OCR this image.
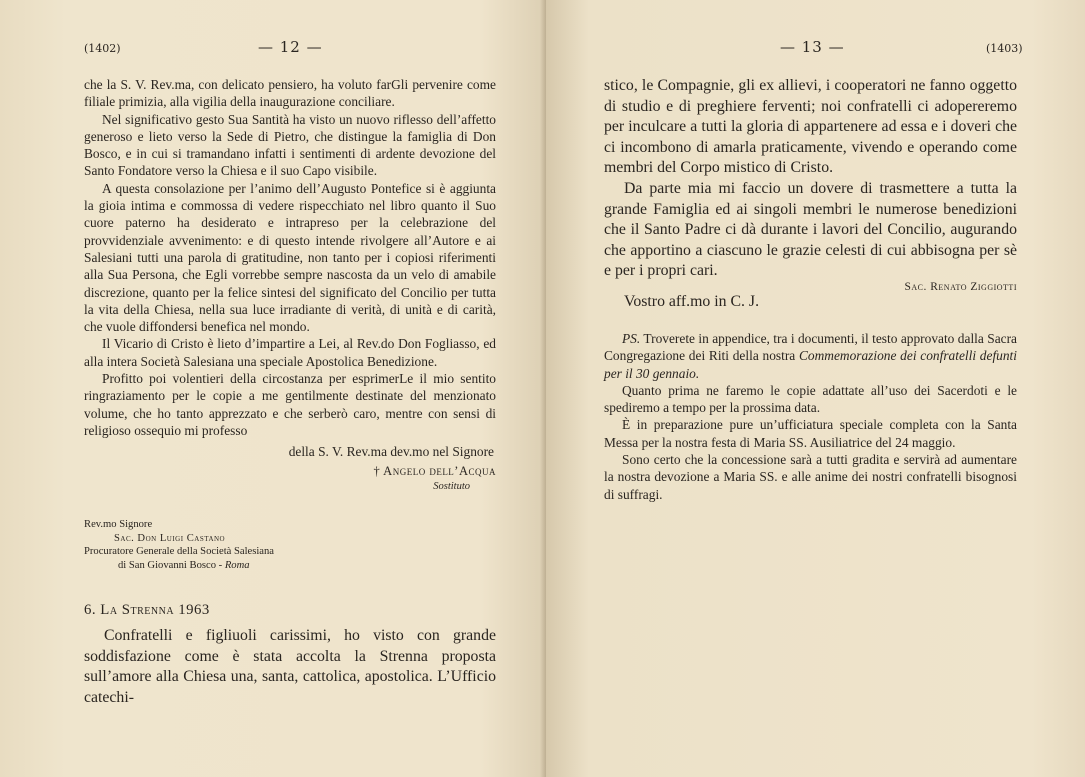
(1402)	— 12 —

che la S. V. Rev.ma, con delicato pensiero, ha voluto farGli pervenire come filiale primizia, alla vigilia della inaugurazione conciliare.

Nel significativo gesto Sua Santità ha visto un nuovo riflesso dell’affetto generoso e lieto verso la Sede di Pietro, che distingue la famiglia di Don Bosco, e in cui si tramandano infatti i sentimenti di ardente devozione del Santo Fondatore verso la Chiesa e il suo Capo visibile.

A questa consolazione per l’animo dell’Augusto Pontefice si è aggiunta la gioia intima e commossa di vedere rispecchiato nel libro quanto il Suo cuore paterno ha desiderato e intrapreso per la celebrazione del provvidenziale avvenimento: e di questo intende rivolgere all’Autore e ai Salesiani tutti una parola di gratitudine, non tanto per i copiosi riferimenti alla Sua Persona, che Egli vorrebbe sempre nascosta da un velo di amabile discrezione, quanto per la felice sintesi del significato del Concilio per tutta la vita della Chiesa, nella sua luce irradiante di verità, di unità e di carità, che vuole diffondersi benefica nel mondo.

Il Vicario di Cristo è lieto d’impartire a Lei, al Rev.do Don Fogliasso, ed alla intera Società Salesiana una speciale Apostolica Benedizione.

Profitto poi volentieri della circostanza per esprimerLe il mio sentito ringraziamento per le copie a me gentilmente destinate del menzionato volume, che ho tanto apprezzato e che serberò caro, mentre con sensi di religioso ossequio mi professo

della S. V. Rev.ma dev.mo nel Signore
† Angelo dell’Acqua
Sostituto
Rev.mo Signore
Sac. Don Luigi Castano
Procuratore Generale della Società Salesiana
di San Giovanni Bosco - Roma
6. La Strenna 1963

Confratelli e figliuoli carissimi, ho visto con grande soddisfazione come è stata accolta la Strenna proposta sull’amore alla Chiesa una, santa, cattolica, apostolica. L’Ufficio catechi-

— 13 —	(1403)

stico, le Compagnie, gli ex allievi, i cooperatori ne fanno oggetto di studio e di preghiere ferventi; noi confratelli ci adopereremo per inculcare a tutti la gloria di appartenere ad essa e i doveri che ci incombono di amarla praticamente, vivendo e operando come membri del Corpo mistico di Cristo.

Da parte mia mi faccio un dovere di trasmettere a tutta la grande Famiglia ed ai singoli membri le numerose benedizioni che il Santo Padre ci dà durante i lavori del Concilio, augurando che apportino a ciascuno le grazie celesti di cui abbisogna per sè e per i propri cari.

Vostro aff.mo in C. J.

Sac. Renato Ziggiotti

PS. Troverete in appendice, tra i documenti, il testo approvato dalla Sacra Congregazione dei Riti della nostra Commemorazione dei confratelli defunti per il 30 gennaio.

Quanto prima ne faremo le copie adattate all’uso dei Sacerdoti e le spediremo a tempo per la prossima data.

È in preparazione pure un’ufficiatura speciale completa con la Santa Messa per la nostra festa di Maria SS. Ausiliatrice del 24 maggio.

Sono certo che la concessione sarà a tutti gradita e servirà ad aumentare la nostra devozione a Maria SS. e alle anime dei nostri confratelli bisognosi di suffragi.
